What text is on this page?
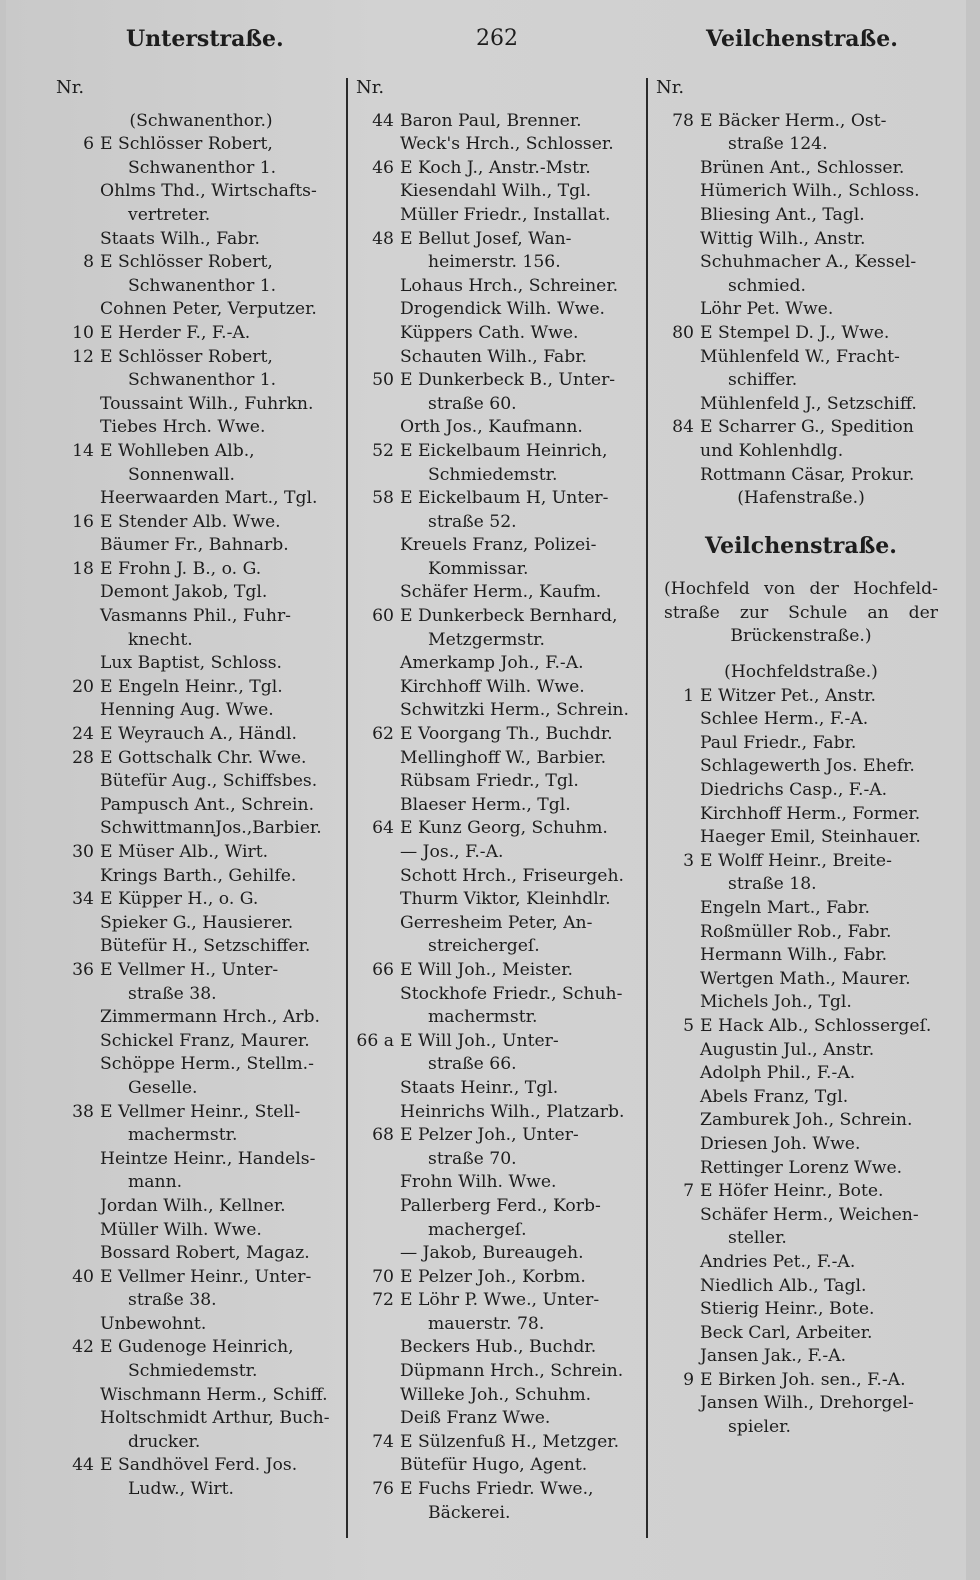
Unterstraße.	262	Veilchenstraße.
Nr.
(Schwanenthor.)
6 E Schlösser Robert,
Schwanenthor 1.
Ohlms Thd., Wirtschafts-
vertreter.
Staats Wilh., Fabr.
8 E Schlösser Robert,
Schwanenthor 1.
Cohnen Peter, Verputzer.
10 E Herder F., F.-A.
12 E Schlösser Robert,
Schwanenthor 1.
Toussaint Wilh., Fuhrkn.
Tiebes Hrch. Wwe.
14 E Wohlleben Alb.,
Sonnenwall.
Heerwaarden Mart., Tgl.
16 E Stender Alb. Wwe.
Bäumer Fr., Bahnarb.
18 E Frohn J. B., o. G.
Demont Jakob, Tgl.
Vasmanns Phil., Fuhr-
knecht.
Lux Baptist, Schloss.
20 E Engeln Heinr., Tgl.
Henning Aug. Wwe.
24 E Weyrauch A., Händl.
28 E Gottschalk Chr. Wwe.
Bütefür Aug., Schiffsbes.
Pampusch Ant., Schrein.
SchwittmannJos.,Barbier.
30 E Müser Alb., Wirt.
Krings Barth., Gehilfe.
34 E Küpper H., o. G.
Spieker G., Hausierer.
Bütefür H., Setzschiffer.
36 E Vellmer H., Unter-
straße 38.
Zimmermann Hrch., Arb.
Schickel Franz, Maurer.
Schöppe Herm., Stellm.-
Geselle.
38 E Vellmer Heinr., Stell-
machermstr.
Heintze Heinr., Handels-
mann.
Jordan Wilh., Kellner.
Müller Wilh. Wwe.
Bossard Robert, Magaz.
40 E Vellmer Heinr., Unter-
straße 38.
Unbewohnt.
42 E Gudenoge Heinrich,
Schmiedemstr.
Wischmann Herm., Schiff.
Holtschmidt Arthur, Buch-
drucker.
44 E Sandhövel Ferd. Jos.
Ludw., Wirt.
Nr.
44 Baron Paul, Brenner.
Weck's Hrch., Schlosser.
46 E Koch J., Anstr.-Mstr.
Kiesendahl Wilh., Tgl.
Müller Friedr., Installat.
48 E Bellut Josef, Wan-
heimerstr. 156.
Lohaus Hrch., Schreiner.
Drogendick Wilh. Wwe.
Küppers Cath. Wwe.
Schauten Wilh., Fabr.
50 E Dunkerbeck B., Unter-
straße 60.
Orth Jos., Kaufmann.
52 E Eickelbaum Heinrich,
Schmiedemstr.
58 E Eickelbaum H, Unter-
straße 52.
Kreuels Franz, Polizei-
Kommissar.
Schäfer Herm., Kaufm.
60 E Dunkerbeck Bernhard,
Metzgermstr.
Amerkamp Joh., F.-A.
Kirchhoff Wilh. Wwe.
Schwitzki Herm., Schrein.
62 E Voorgang Th., Buchdr.
Mellinghoff W., Barbier.
Rübsam Friedr., Tgl.
Blaeser Herm., Tgl.
64 E Kunz Georg, Schuhm.
— Jos., F.-A.
Schott Hrch., Friseurgeh.
Thurm Viktor, Kleinhdlr.
Gerresheim Peter, An-
streichergeſ.
66 E Will Joh., Meister.
Stockhofe Friedr., Schuh-
machermstr.
66 a E Will Joh., Unter-
straße 66.
Staats Heinr., Tgl.
Heinrichs Wilh., Platzarb.
68 E Pelzer Joh., Unter-
straße 70.
Frohn Wilh. Wwe.
Pallerberg Ferd., Korb-
machergeſ.
— Jakob, Bureaugeh.
70 E Pelzer Joh., Korbm.
72 E Löhr P. Wwe., Unter-
mauerstr. 78.
Beckers Hub., Buchdr.
Düpmann Hrch., Schrein.
Willeke Joh., Schuhm.
Deiß Franz Wwe.
74 E Sülzenfuß H., Metzger.
Bütefür Hugo, Agent.
76 E Fuchs Friedr. Wwe.,
Bäckerei.
Nr.
78 E Bäcker Herm., Ost-
straße 124.
Brünen Ant., Schlosser.
Hümerich Wilh., Schloss.
Bliesing Ant., Tagl.
Wittig Wilh., Anstr.
Schuhmacher A., Kessel-
schmied.
Löhr Pet. Wwe.
80 E Stempel D. J., Wwe.
Mühlenfeld W., Fracht-
schiffer.
Mühlenfeld J., Setzschiff.
84 E Scharrer G., Spedition
und Kohlenhdlg.
Rottmann Cäsar, Prokur.
(Hafenstraße.)
Veilchenstraße.
(Hochfeld von der Hochfeld-
straße zur Schule an der
Brückenstraße.)
(Hochfeldstraße.)
1 E Witzer Pet., Anstr.
Schlee Herm., F.-A.
Paul Friedr., Fabr.
Schlagewerth Jos. Ehefr.
Diedrichs Casp., F.-A.
Kirchhoff Herm., Former.
Haeger Emil, Steinhauer.
3 E Wolff Heinr., Breite-
straße 18.
Engeln Mart., Fabr.
Roßmüller Rob., Fabr.
Hermann Wilh., Fabr.
Wertgen Math., Maurer.
Michels Joh., Tgl.
5 E Hack Alb., Schlossergeſ.
Augustin Jul., Anstr.
Adolph Phil., F.-A.
Abels Franz, Tgl.
Zamburek Joh., Schrein.
Driesen Joh. Wwe.
Rettinger Lorenz Wwe.
7 E Höfer Heinr., Bote.
Schäfer Herm., Weichen-
steller.
Andries Pet., F.-A.
Niedlich Alb., Tagl.
Stierig Heinr., Bote.
Beck Carl, Arbeiter.
Jansen Jak., F.-A.
9 E Birken Joh. sen., F.-A.
Jansen Wilh., Drehorgel-
spieler.
